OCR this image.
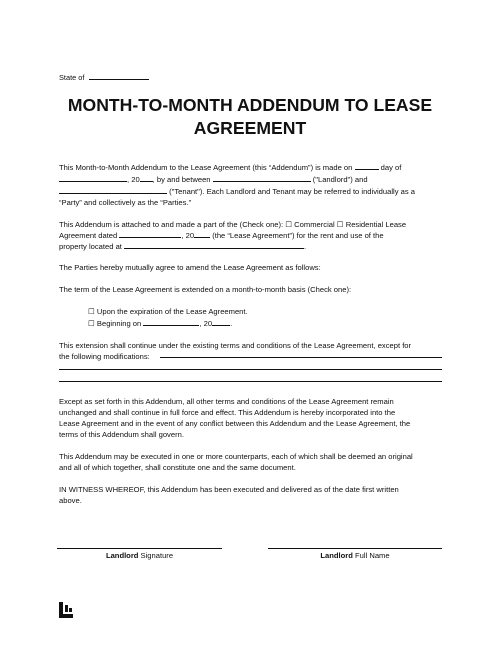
State of
MONTH-TO-MONTH ADDENDUM TO LEASE
AGREEMENT
This Month-to-Month Addendum to the Lease Agreement (this “Addendum”) is made on	day of
, 20 , by and between	("Landlord") and
("Tenant"). Each Landlord and Tenant may be referred to individually as a
“Party” and collectively as the “Parties.”
This Addendum is attached to and made a part of the (Check one): ☐ Commercial ☐ Residential Lease
Agreement dated	, 20 (the “Lease Agreement”) for the rent and use of the
property located at	.
The Parties hereby mutually agree to amend the Lease Agreement as follows:
The term of the Lease Agreement is extended on a month-to-month basis (Check one):
☐ Upon the expiration of the Lease Agreement.
☐ Beginning on	, 20 .
This extension shall continue under the existing terms and conditions of the Lease Agreement, except for
the following modifications:
Except as set forth in this Addendum, all other terms and conditions of the Lease Agreement remain
unchanged and shall continue in full force and effect. This Addendum is hereby incorporated into the
Lease Agreement and in the event of any conflict between this Addendum and the Lease Agreement, the
terms of this Addendum shall govern.
This Addendum may be executed in one or more counterparts, each of which shall be deemed an original
and all of which together, shall constitute one and the same document.
IN WITNESS WHEREOF, this Addendum has been executed and delivered as of the date first written
above.
Landlord Signature	Landlord Full Name
